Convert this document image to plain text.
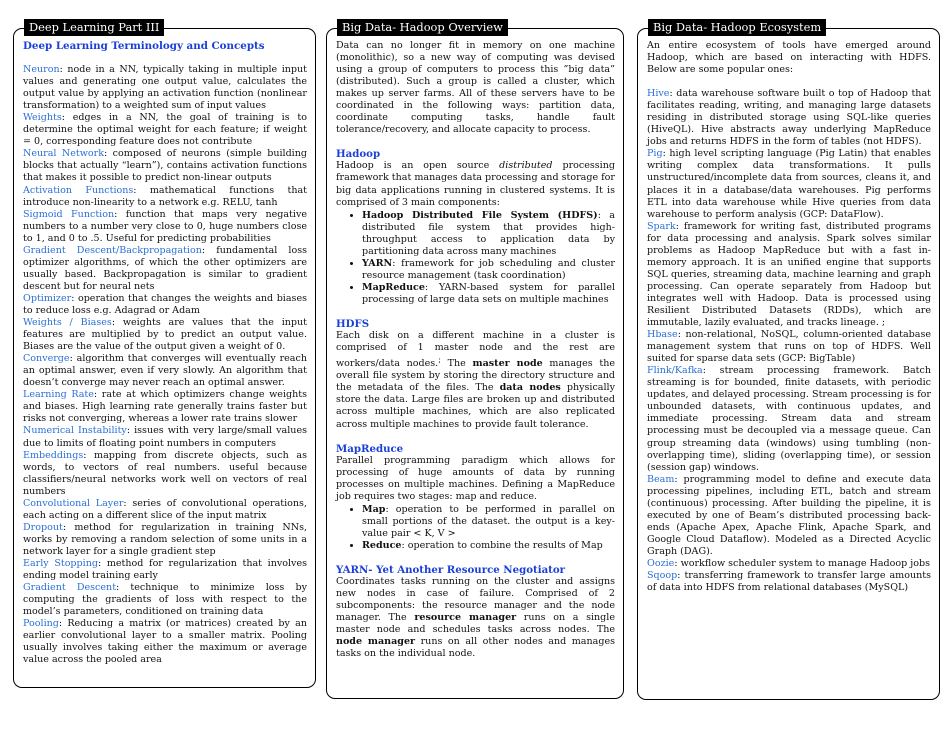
Deep Learning Part III
Deep Learning Terminology and Concepts

Neuron: node in a NN, typically taking in multiple input values and generating one output value, calculates the output value by applying an activation function (nonlinear transformation) to a weighted sum of input values

Weights: edges in a NN, the goal of training is to determine the optimal weight for each feature; if weight = 0, corresponding feature does not contribute

Neural Network: composed of neurons (simple building blocks that actually “learn”), contains activation functions that makes it possible to predict non-linear outputs

Activation Functions: mathematical functions that introduce non-linearity to a network e.g. RELU, tanh

Sigmoid Function: function that maps very negative numbers to a number very close to 0, huge numbers close to 1, and 0 to .5. Useful for predicting probabilities

Gradient Descent/Backpropagation: fundamental loss optimizer algorithms, of which the other optimizers are usually based. Backpropagation is similar to gradient descent but for neural nets

Optimizer: operation that changes the weights and biases to reduce loss e.g. Adagrad or Adam

Weights / Biases: weights are values that the input features are multiplied by to predict an output value. Biases are the value of the output given a weight of 0.

Converge: algorithm that converges will eventually reach an optimal answer, even if very slowly. An algorithm that doesn’t converge may never reach an optimal answer.

Learning Rate: rate at which optimizers change weights and biases. High learning rate generally trains faster but risks not converging, whereas a lower rate trains slower

Numerical Instability: issues with very large/small values due to limits of floating point numbers in computers

Embeddings: mapping from discrete objects, such as words, to vectors of real numbers. useful because classifiers/neural networks work well on vectors of real numbers

Convolutional Layer: series of convolutional operations, each acting on a different slice of the input matrix

Dropout: method for regularization in training NNs, works by removing a random selection of some units in a network layer for a single gradient step

Early Stopping: method for regularization that involves ending model training early

Gradient Descent: technique to minimize loss by computing the gradients of loss with respect to the model’s parameters, conditioned on training data

Pooling: Reducing a matrix (or matrices) created by an earlier convolutional layer to a smaller matrix. Pooling usually involves taking either the maximum or average value across the pooled area

Big Data- Hadoop Overview

Data can no longer fit in memory on one machine (monolithic), so a new way of computing was devised using a group of computers to process this ”big data” (distributed). Such a group is called a cluster, which makes up server farms. All of these servers have to be coordinated in the following ways: partition data, coordinate computing tasks, handle fault tolerance/recovery, and allocate capacity to process.

Hadoop

Hadoop is an open source distributed processing framework that manages data processing and storage for big data applications running in clustered systems. It is comprised of 3 main components:

• Hadoop Distributed File System (HDFS): a distributed file system that provides high-throughput access to application data by partitioning data across many machines
• YARN: framework for job scheduling and cluster resource management (task coordination)
• MapReduce: YARN-based system for parallel processing of large data sets on multiple machines
HDFS

Each disk on a different machine in a cluster is comprised of 1 master node and the rest are workers/data nodes.; The master node manages the overall file system by storing the directory structure and the metadata of the files. The data nodes physically store the data. Large files are broken up and distributed across multiple machines, which are also replicated across multiple machines to provide fault tolerance.

MapReduce

Parallel programming paradigm which allows for processing of huge amounts of data by running processes on multiple machines. Defining a MapReduce job requires two stages: map and reduce.

• Map: operation to be performed in parallel on small portions of the dataset. the output is a key-value pair < K, V >
• Reduce: operation to combine the results of Map
YARN- Yet Another Resource Negotiator

Coordinates tasks running on the cluster and assigns new nodes in case of failure. Comprised of 2 subcomponents: the resource manager and the node manager. The resource manager runs on a single master node and schedules tasks across nodes. The node manager runs on all other nodes and manages tasks on the individual node.

Big Data- Hadoop Ecosystem

An entire ecosystem of tools have emerged around Hadoop, which are based on interacting with HDFS. Below are some popular ones:

Hive: data warehouse software built o top of Hadoop that facilitates reading, writing, and managing large datasets residing in distributed storage using SQL-like queries (HiveQL). Hive abstracts away underlying MapReduce jobs and returns HDFS in the form of tables (not HDFS).

Pig: high level scripting language (Pig Latin) that enables writing complex data transformations. It pulls unstructured/incomplete data from sources, cleans it, and places it in a database/data warehouses. Pig performs ETL into data warehouse while Hive queries from data warehouse to perform analysis (GCP: DataFlow).

Spark: framework for writing fast, distributed programs for data processing and analysis. Spark solves similar problems as Hadoop MapReduce but with a fast in-memory approach. It is an unified engine that supports SQL queries, streaming data, machine learning and graph processing. Can operate separately from Hadoop but integrates well with Hadoop. Data is processed using Resilient Distributed Datasets (RDDs), which are immutable, lazily evaluated, and tracks lineage. ;

Hbase: non-relational, NoSQL, column-oriented database management system that runs on top of HDFS. Well suited for sparse data sets (GCP: BigTable)

Flink/Kafka: stream processing framework. Batch streaming is for bounded, finite datasets, with periodic updates, and delayed processing. Stream processing is for unbounded datasets, with continuous updates, and immediate processing. Stream data and stream processing must be decoupled via a message queue. Can group streaming data (windows) using tumbling (non-overlapping time), sliding (overlapping time), or session (session gap) windows.

Beam: programming model to define and execute data processing pipelines, including ETL, batch and stream (continuous) processing. After building the pipeline, it is executed by one of Beam’s distributed processing back-ends (Apache Apex, Apache Flink, Apache Spark, and Google Cloud Dataflow). Modeled as a Directed Acyclic Graph (DAG).

Oozie: workflow scheduler system to manage Hadoop jobs

Sqoop: transferring framework to transfer large amounts of data into HDFS from relational databases (MySQL)
